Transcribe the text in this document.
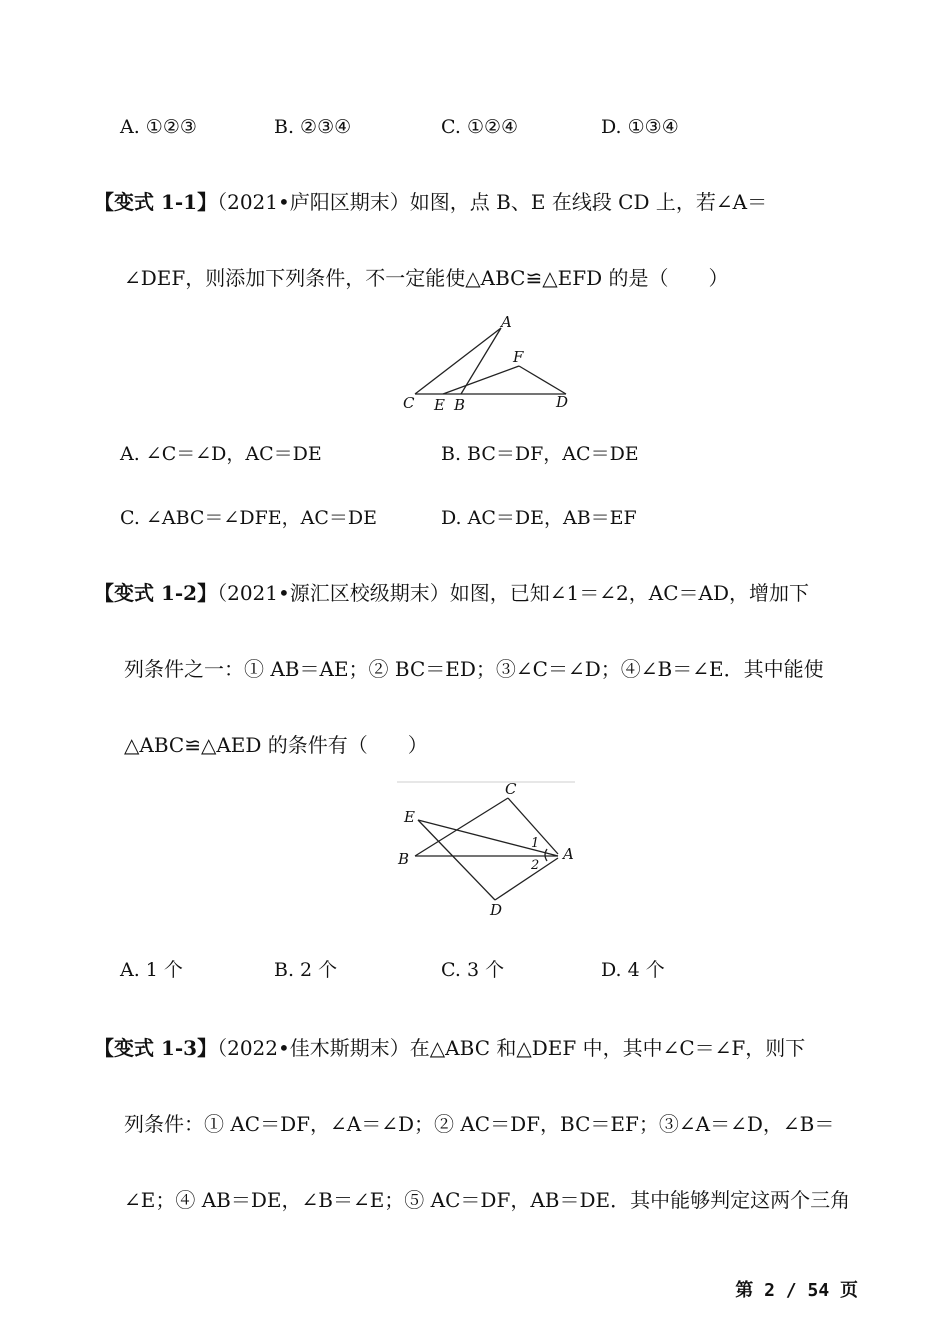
A. ①②③	B. ②③④	C. ①②④	D. ①③④
【变式 1-1】（2021•庐阳区期末）如图，点 B、E 在线段 CD 上，若∠A＝
∠DEF，则添加下列条件，不一定能使△ABC≌△EFD 的是（　　）
A
F
C E B	D
A. ∠C＝∠D，AC＝DE	B. BC＝DF，AC＝DE
C. ∠ABC＝∠DFE，AC＝DE	D. AC＝DE，AB＝EF
【变式 1-2】（2021•源汇区校级期末）如图，已知∠1＝∠2，AC＝AD，增加下
列条件之一：① AB＝AE；② BC＝ED；③∠C＝∠D；④∠B＝∠E．其中能使
△ABC≌△AED 的条件有（　　）
C
E
B	A
D
1
2
A. 1 个	B. 2 个	C. 3 个	D. 4 个
【变式 1-3】（2022•佳木斯期末）在△ABC 和△DEF 中，其中∠C＝∠F，则下
列条件：① AC＝DF，∠A＝∠D；② AC＝DF，BC＝EF；③∠A＝∠D，∠B＝
∠E；④ AB＝DE，∠B＝∠E；⑤ AC＝DF，AB＝DE．其中能够判定这两个三角
第 2 / 54 页
